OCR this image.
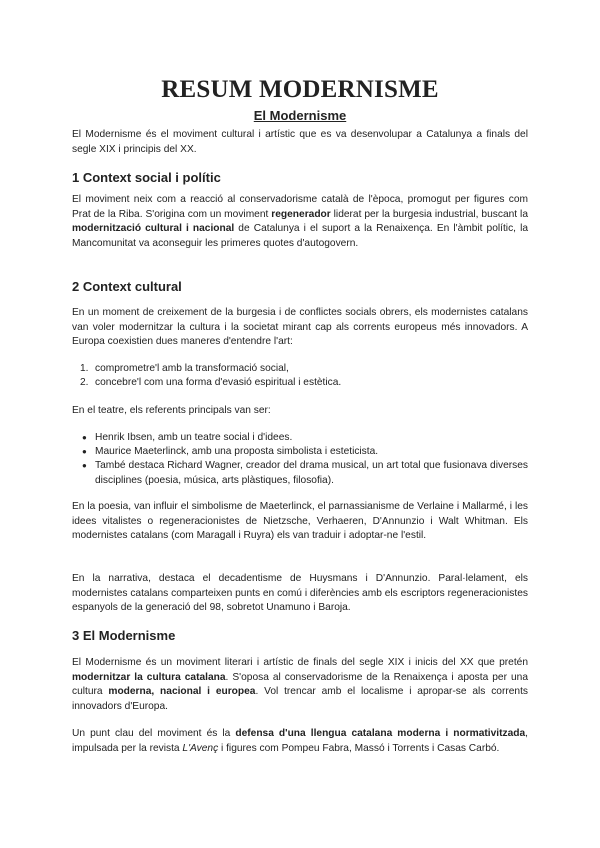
RESUM MODERNISME
El Modernisme

El Modernisme és el moviment cultural i artístic que es va desenvolupar a Catalunya a finals del segle XIX i principis del XX.

1 Context social i polític

El moviment neix com a reacció al conservadorisme català de l'època, promogut per figures com Prat de la Riba. S'origina com un moviment regenerador liderat per la burgesia industrial, buscant la modernització cultural i nacional de Catalunya i el suport a la Renaixença. En l'àmbit polític, la Mancomunitat va aconseguir les primeres quotes d'autogovern.

2 Context cultural

En un moment de creixement de la burgesia i de conflictes socials obrers, els modernistes catalans van voler modernitzar la cultura i la societat mirant cap als corrents europeus més innovadors. A Europa coexistien dues maneres d'entendre l'art:

1. comprometre'l amb la transformació social,

2. concebre'l com una forma d'evasió espiritual i estètica.

En el teatre, els referents principals van ser:

● Henrik Ibsen, amb un teatre social i d'idees.

● Maurice Maeterlinck, amb una proposta simbolista i esteticista.

● També destaca Richard Wagner, creador del drama musical, un art total que fusionava diverses disciplines (poesia, música, arts plàstiques, filosofia).

En la poesia, van influir el simbolisme de Maeterlinck, el parnassianisme de Verlaine i Mallarmé, i les idees vitalistes o regeneracionistes de Nietzsche, Verhaeren, D'Annunzio i Walt Whitman. Els modernistes catalans (com Maragall i Ruyra) els van traduir i adoptar-ne l'estil.

En la narrativa, destaca el decadentisme de Huysmans i D'Annunzio. Paral·lelament, els modernistes catalans comparteixen punts en comú i diferències amb els escriptors regeneracionistes espanyols de la generació del 98, sobretot Unamuno i Baroja.

3 El Modernisme

El Modernisme és un moviment literari i artístic de finals del segle XIX i inicis del XX que pretén modernitzar la cultura catalana. S'oposa al conservadorisme de la Renaixença i aposta per una cultura moderna, nacional i europea. Vol trencar amb el localisme i apropar-se als corrents innovadors d'Europa.

Un punt clau del moviment és la defensa d'una llengua catalana moderna i normativitzada, impulsada per la revista L'Avenç i figures com Pompeu Fabra, Massó i Torrents i Casas Carbó.
